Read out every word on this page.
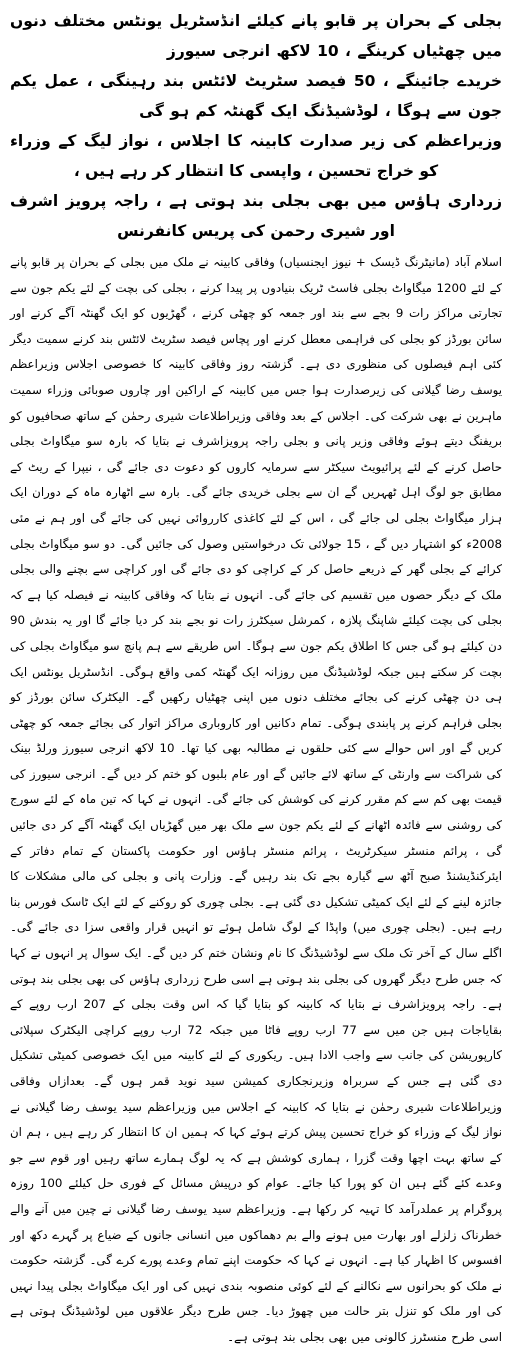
بجلی کے بحران پر قابو پانے کیلئے انڈسٹریل یونٹس مختلف دنوں میں چھٹیاں کرینگے ، 10 لاکھ انرجی سیورز
خریدے جائینگے ، 50 فیصد سٹریٹ لائٹس بند رہینگی ، عمل یکم جون سے ہوگا ، لوڈشیڈنگ ایک گھنٹہ کم ہو گی
وزیراعظم کی زیر صدارت کابینہ کا اجلاس ، نواز لیگ کے وزراء کو خراج تحسین ، واپسی کا انتظار کر رہے ہیں ،
زرداری ہاؤس میں بھی بجلی بند ہوتی ہے ، راجہ پرویز اشرف اور شیری رحمن کی پریس کانفرنس

اسلام آباد (مانیٹرنگ ڈیسک + نیوز ایجنسیاں) وفاقی کابینہ نے ملک میں بجلی کے بحران پر قابو پانے کے لئے 1200 میگاواٹ بجلی فاسٹ ٹریک بنیادوں پر پیدا کرنے ، بجلی کی بچت کے لئے یکم جون سے تجارتی مراکز رات 9 بجے سے بند اور جمعہ کو چھٹی کرنے ، گھڑیوں کو ایک گھنٹہ آگے کرنے اور سائن بورڈز کو بجلی کی فراہمی معطل کرنے اور پچاس فیصد سٹریٹ لائٹس بند کرنے سمیت دیگر کئی اہم فیصلوں کی منظوری دی ہے۔ گزشتہ روز وفاقی کابینہ کا خصوصی اجلاس وزیراعظم یوسف رضا گیلانی کی زیرصدارت ہوا جس میں کابینہ کے اراکین اور چاروں صوبائی وزراء سمیت ماہرین نے بھی شرکت کی۔ اجلاس کے بعد وفاقی وزیراطلاعات شیری رحمٰن کے ساتھ صحافیوں کو بریفنگ دیتے ہوئے وفاقی وزیر پانی و بجلی راجہ پرویزاشرف نے بتایا کہ بارہ سو میگاواٹ بجلی حاصل کرنے کے لئے پرائیویٹ سیکٹر سے سرمایہ کاروں کو دعوت دی جائے گی ، نیپرا کے ریٹ کے مطابق جو لوگ اہل ٹھہریں گے ان سے بجلی خریدی جائے گی۔ بارہ سے اٹھارہ ماہ کے دوران ایک ہزار میگاواٹ بجلی لی جائے گی ، اس کے لئے کاغذی کارروائی نہیں کی جائے گی اور ہم نے مئی 2008ء کو اشتہار دیں گے ، 15 جولائی تک درخواستیں وصول کی جائیں گی۔ دو سو میگاواٹ بجلی کرائے کے بجلی گھر کے ذریعے حاصل کر کے کراچی کو دی جائے گی اور کراچی سے بچنے والی بجلی ملک کے دیگر حصوں میں تقسیم کی جائے گی۔ انہوں نے بتایا کہ وفاقی کابینہ نے فیصلہ کیا ہے کہ بجلی کی بچت کیلئے شاپنگ پلازہ ، کمرشل سیکٹرز رات نو بجے بند کر دیا جائے گا اور یہ بندش 90 دن کیلئے ہو گی جس کا اطلاق یکم جون سے ہوگا۔ اس طریقے سے ہم پانچ سو میگاواٹ بجلی کی بچت کر سکتے ہیں جبکہ لوڈشیڈنگ میں روزانہ ایک گھنٹہ کمی واقع ہوگی۔ انڈسٹریل یونٹس ایک ہی دن چھٹی کرنے کی بجائے مختلف دنوں میں اپنی چھٹیاں رکھیں گے۔ الیکٹرک سائن بورڈز کو بجلی فراہم کرنے پر پابندی ہوگی۔ تمام دکانیں اور کاروباری مراکز اتوار کی بجائے جمعہ کو چھٹی کریں گے اور اس حوالے سے کئی حلقوں نے مطالبہ بھی کیا تھا۔ 10 لاکھ انرجی سیورز ورلڈ بینک کی شراکت سے وارنٹی کے ساتھ لائے جائیں گے اور عام بلبوں کو ختم کر دیں گے۔ انرجی سیورز کی قیمت بھی کم سے کم مقرر کرنے کی کوشش کی جائے گی۔ انہوں نے کہا کہ تین ماہ کے لئے سورج کی روشنی سے فائدہ اٹھانے کے لئے یکم جون سے ملک بھر میں گھڑیاں ایک گھنٹہ آگے کر دی جائیں گی ، پرائم منسٹر سیکرٹریٹ ، پرائم منسٹر ہاؤس اور حکومت پاکستان کے تمام دفاتر کے ایئرکنڈیشنڈ صبح آٹھ سے گیارہ بجے تک بند رہیں گے۔ وزارت پانی و بجلی کی مالی مشکلات کا جائزہ لینے کے لئے ایک کمیٹی تشکیل دی گئی ہے۔ بجلی چوری کو روکنے کے لئے ایک ٹاسک فورس بنا رہے ہیں۔ (بجلی چوری میں) واپڈا کے لوگ شامل ہوئے تو انہیں قرار واقعی سزا دی جائے گی۔ اگلے سال کے آخر تک ملک سے لوڈشیڈنگ کا نام ونشان ختم کر دیں گے۔ ایک سوال پر انہوں نے کہا کہ جس طرح دیگر گھروں کی بجلی بند ہوتی ہے اسی طرح زرداری ہاؤس کی بھی بجلی بند ہوتی ہے۔ راجہ پرویزاشرف نے بتایا کہ کابینہ کو بتایا گیا کہ اس وقت بجلی کے 207 ارب روپے کے بقایاجات ہیں جن میں سے 77 ارب روپے فاٹا میں جبکہ 72 ارب روپے کراچی الیکٹرک سپلائی کارپوریشن کی جانب سے واجب الادا ہیں۔ ریکوری کے لئے کابینہ میں ایک خصوصی کمیٹی تشکیل دی گئی ہے جس کے سربراہ وزیرنجکاری کمیشن سید نوید قمر ہوں گے۔ بعدازاں وفاقی وزیراطلاعات شیری رحمٰن نے بتایا کہ کابینہ کے اجلاس میں وزیراعظم سید یوسف رضا گیلانی نے نواز لیگ کے وزراء کو خراج تحسین پیش کرتے ہوئے کہا کہ ہمیں ان کا انتظار کر رہے ہیں ، ہم ان کے ساتھ بہت اچھا وقت گزرا ، ہماری کوشش ہے کہ یہ لوگ ہمارے ساتھ رہیں اور قوم سے جو وعدے کئے گئے ہیں ان کو پورا کیا جائے۔ عوام کو درپیش مسائل کے فوری حل کیلئے 100 روزہ پروگرام پر عملدرآمد کا تہیہ کر رکھا ہے۔ وزیراعظم سید یوسف رضا گیلانی نے چین میں آنے والے خطرناک زلزلے اور بھارت میں ہونے والے بم دھماکوں میں انسانی جانوں کے ضیاع پر گہرے دکھ اور افسوس کا اظہار کیا ہے۔ انہوں نے کہا کہ حکومت اپنے تمام وعدے پورے کرے گی۔ گزشتہ حکومت نے ملک کو بحرانوں سے نکالنے کے لئے کوئی منصوبہ بندی نہیں کی اور ایک میگاواٹ بجلی پیدا نہیں کی اور ملک کو تنزل بتر حالت میں چھوڑ دیا۔ جس طرح دیگر علاقوں میں لوڈشیڈنگ ہوتی ہے اسی طرح منسٹرز کالونی میں بھی بجلی بند ہوتی ہے۔
